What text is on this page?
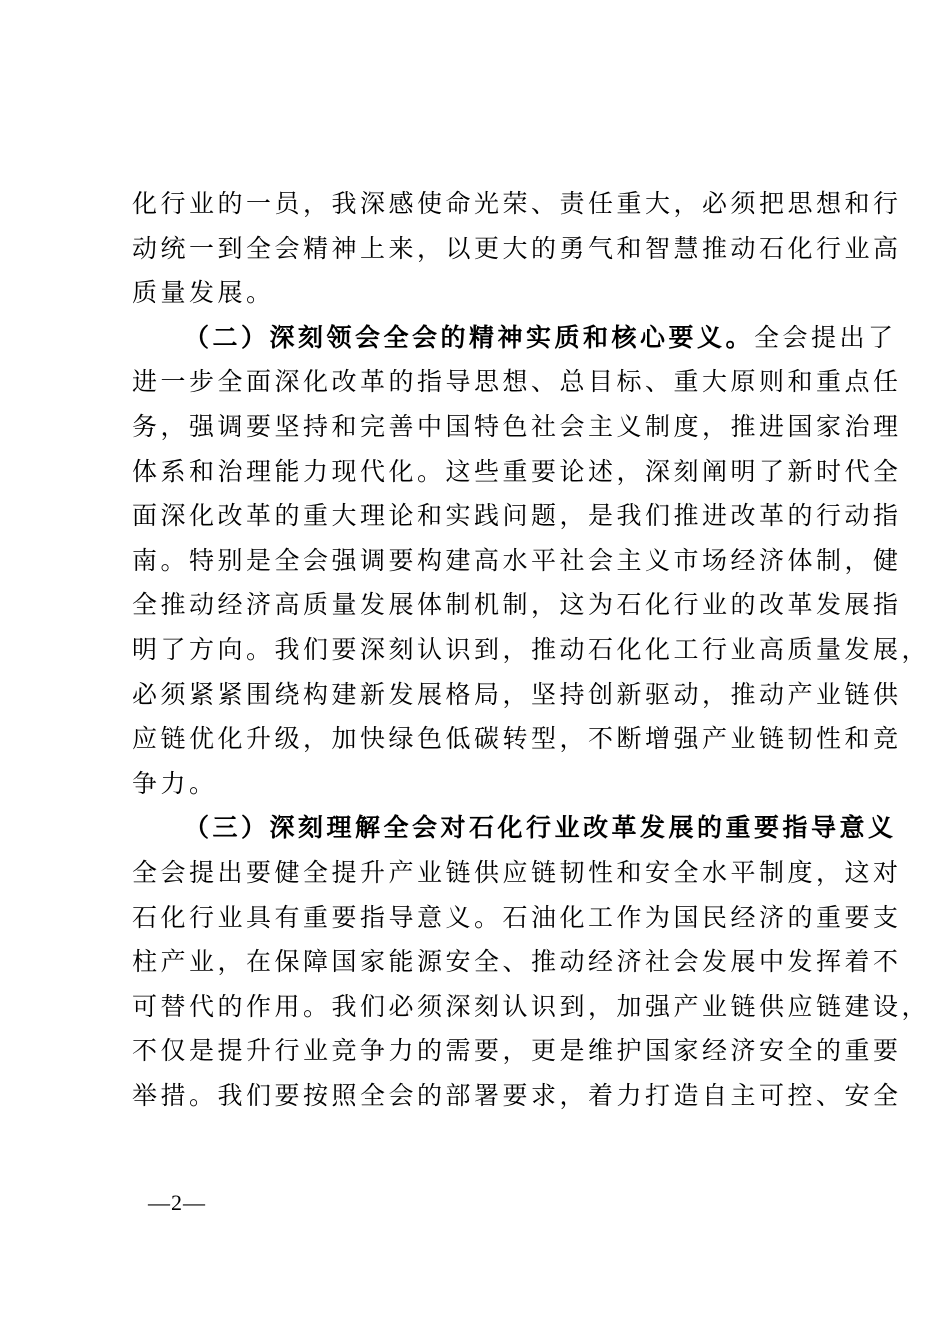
化行业的一员，我深感使命光荣、责任重大，必须把思想和行
动统一到全会精神上来，以更大的勇气和智慧推动石化行业高
质量发展。
（二）深刻领会全会的精神实质和核心要义。全会提出了
进一步全面深化改革的指导思想、总目标、重大原则和重点任
务，强调要坚持和完善中国特色社会主义制度，推进国家治理
体系和治理能力现代化。这些重要论述，深刻阐明了新时代全
面深化改革的重大理论和实践问题，是我们推进改革的行动指
南。特别是全会强调要构建高水平社会主义市场经济体制，健
全推动经济高质量发展体制机制，这为石化行业的改革发展指
明了方向。我们要深刻认识到，推动石化化工行业高质量发展，
必须紧紧围绕构建新发展格局，坚持创新驱动，推动产业链供
应链优化升级，加快绿色低碳转型，不断增强产业链韧性和竞
争力。
（三）深刻理解全会对石化行业改革发展的重要指导意义
全会提出要健全提升产业链供应链韧性和安全水平制度，这对
石化行业具有重要指导意义。石油化工作为国民经济的重要支
柱产业，在保障国家能源安全、推动经济社会发展中发挥着不
可替代的作用。我们必须深刻认识到，加强产业链供应链建设，
不仅是提升行业竞争力的需要，更是维护国家经济安全的重要
举措。我们要按照全会的部署要求，着力打造自主可控、安全
—2—
